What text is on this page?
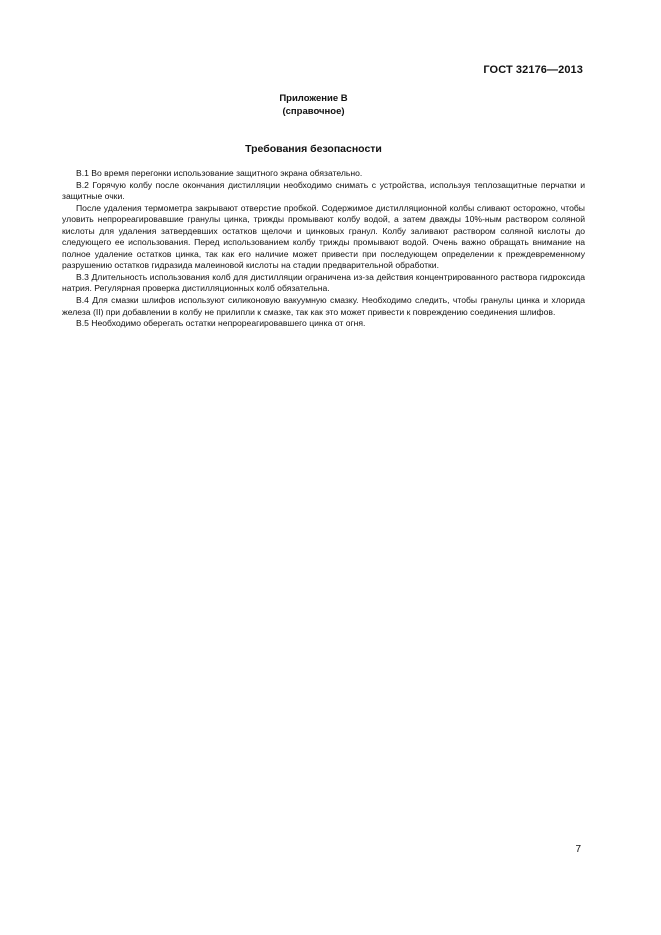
ГОСТ 32176—2013
Приложение В
(справочное)
Требования безопасности

В.1 Во время перегонки использование защитного экрана обязательно.

В.2 Горячую колбу после окончания дистилляции необходимо снимать с устройства, используя теплозащитные перчатки и защитные очки.

После удаления термометра закрывают отверстие пробкой. Содержимое дистилляционной колбы сливают осторожно, чтобы уловить непрореагировавшие гранулы цинка, трижды промывают колбу водой, а затем дважды 10%-ным раствором соляной кислоты для удаления затвердевших остатков щелочи и цинковых гранул. Колбу заливают раствором соляной кислоты до следующего ее использования. Перед использованием колбу трижды промывают водой. Очень важно обращать внимание на полное удаление остатков цинка, так как его наличие может привести при последующем определении к преждевременному разрушению остатков гидразида малеиновой кислоты на стадии предварительной обработки.

В.3 Длительность использования колб для дистилляции ограничена из-за действия концентрированного раствора гидроксида натрия. Регулярная проверка дистилляционных колб обязательна.

В.4 Для смазки шлифов используют силиконовую вакуумную смазку. Необходимо следить, чтобы гранулы цинка и хлорида железа (II) при добавлении в колбу не прилипли к смазке, так как это может привести к повреждению соединения шлифов.

В.5 Необходимо оберегать остатки непрореагировавшего цинка от огня.

7
